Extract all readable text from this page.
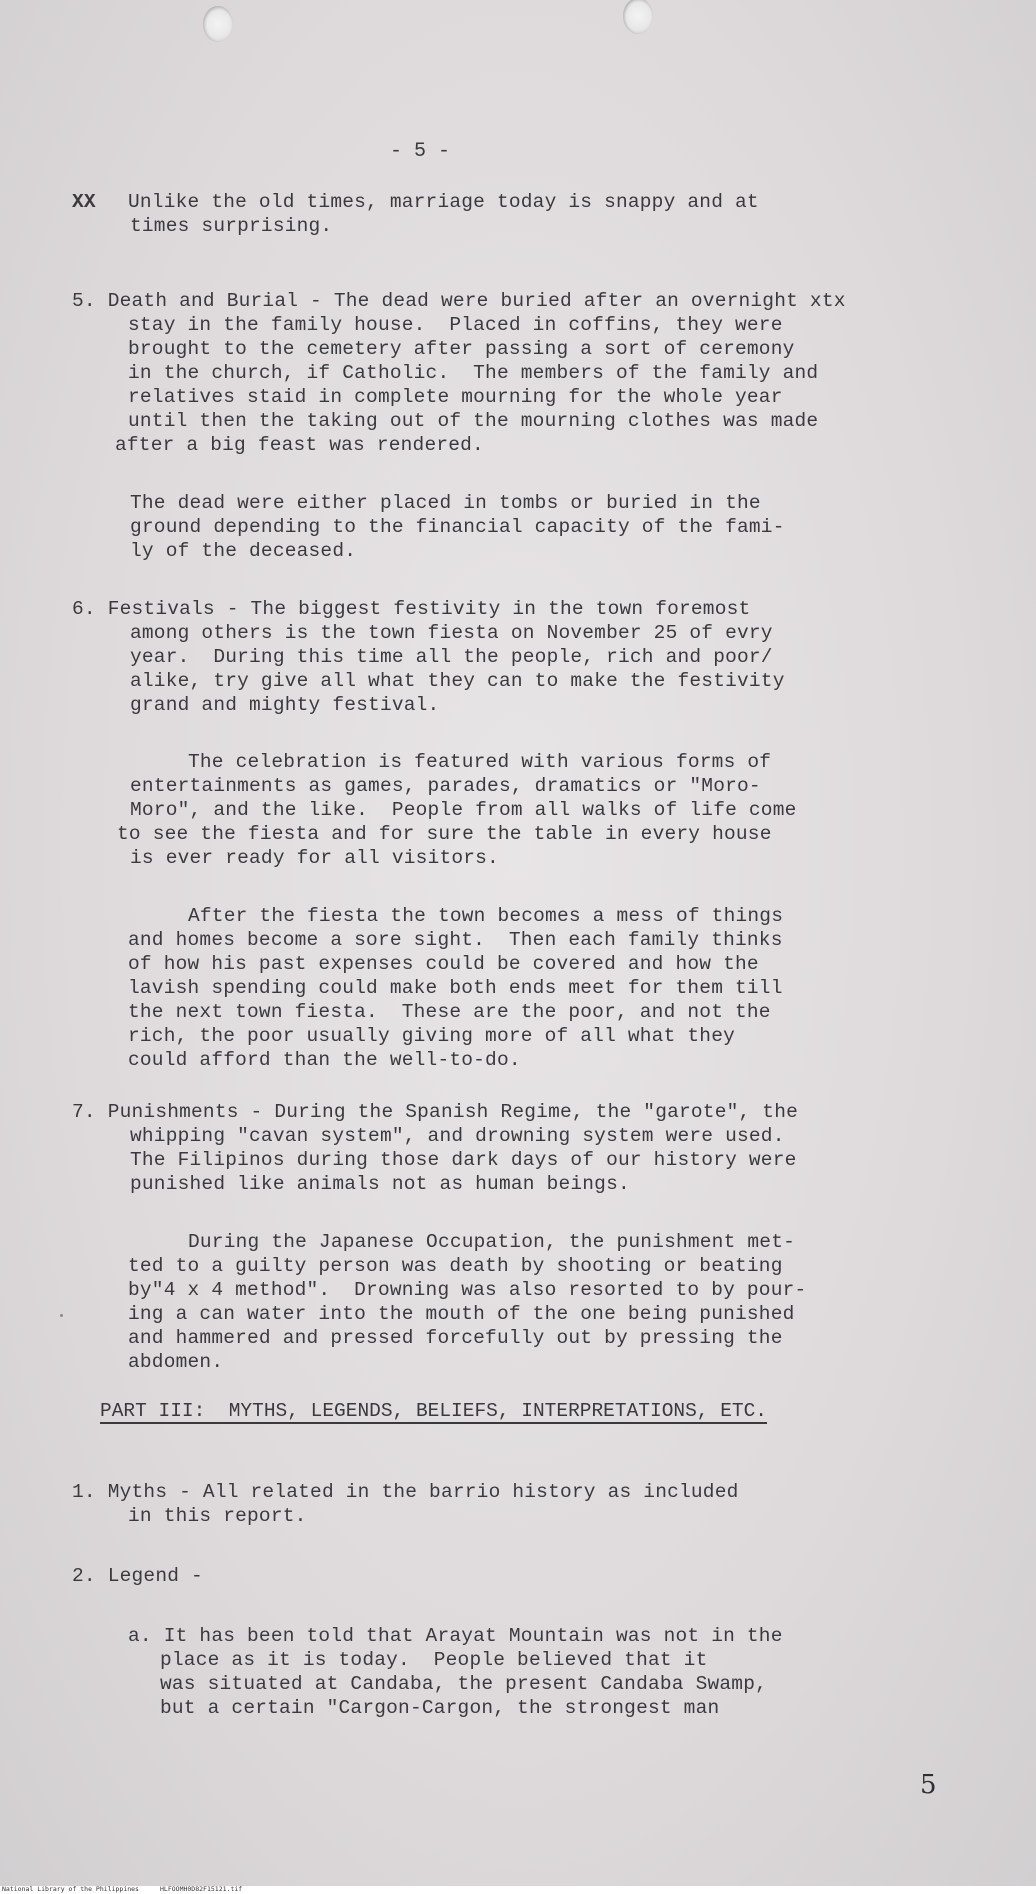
- 5 -
XX Unlike the old times, marriage today is snappy and at
times surprising.
5. Death and Burial - The dead were buried after an overnight xtx
stay in the family house.  Placed in coffins, they were
brought to the cemetery after passing a sort of ceremony
in the church, if Catholic.  The members of the family and
relatives staid in complete mourning for the whole year
until then the taking out of the mourning clothes was made
after a big feast was rendered.
The dead were either placed in tombs or buried in the
ground depending to the financial capacity of the fami-
ly of the deceased.
6. Festivals - The biggest festivity in the town foremost
among others is the town fiesta on November 25 of evry
year.  During this time all the people, rich and poor/
alike, try give all what they can to make the festivity
grand and mighty festival.
The celebration is featured with various forms of
entertainments as games, parades, dramatics or "Moro-
Moro", and the like.  People from all walks of life come
to see the fiesta and for sure the table in every house
is ever ready for all visitors.
After the fiesta the town becomes a mess of things
and homes become a sore sight.  Then each family thinks
of how his past expenses could be covered and how the
lavish spending could make both ends meet for them till
the next town fiesta.  These are the poor, and not the
rich, the poor usually giving more of all what they
could afford than the well-to-do.
7. Punishments - During the Spanish Regime, the "garote", the
whipping "cavan system", and drowning system were used.
The Filipinos during those dark days of our history were
punished like animals not as human beings.
During the Japanese Occupation, the punishment met-
ted to a guilty person was death by shooting or beating
by"4 x 4 method".  Drowning was also resorted to by pour-
ing a can water into the mouth of the one being punished
and hammered and pressed forcefully out by pressing the
abdomen.
PART III:  MYTHS, LEGENDS, BELIEFS, INTERPRETATIONS, ETC.
1. Myths - All related in the barrio history as included
in this report.
2. Legend -
a. It has been told that Arayat Mountain was not in the
place as it is today.  People believed that it
was situated at Candaba, the present Candaba Swamp,
but a certain "Cargon-Cargon, the strongest man
5
National Library of the Philippines	HLFOOMH0D82F15121.tif
